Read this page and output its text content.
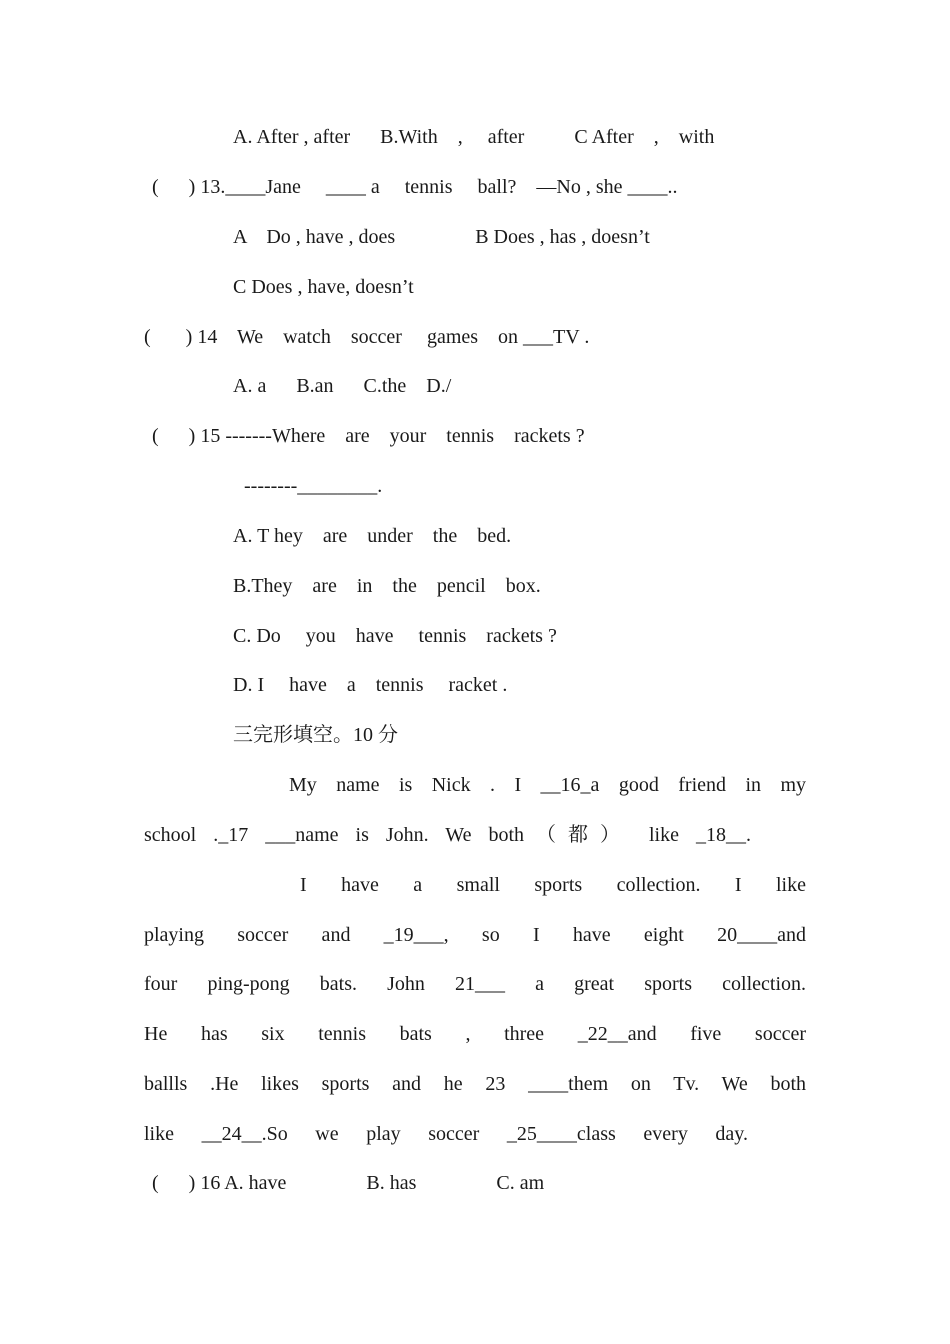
A. After , after      B.With    ,     after          C After    ,    with
(      ) 13.____Jane     ____ a     tennis     ball?    —No , she ____..
A    Do , have , does                B Does , has , doesn’t
C Does , have, doesn’t
(       ) 14    We    watch    soccer     games    on ___TV .
A. a      B.an      C.the    D./
(      ) 15 -------Where    are    your    tennis    rackets ?
--------________.
A. T hey    are    under    the    bed.
B.They    are    in    the    pencil    box.
C. Do     you    have     tennis    rackets ?
D. I     have    a    tennis     racket .
三完形填空。10 分
My name is Nick . I __16_a good friend in my
school ._17 ___name is John. We both（都） like _18__.
I have a small sports collection. I like
playing soccer and _19___, so I have eight 20____and
four ping-pong bats. John 21___ a great sports collection.
He has six tennis bats , three _22__and five soccer
ballls .He likes sports and he 23 ____them on Tv. We both
like __24__.So we play soccer _25____class every day.
(      ) 16 A. have                B. has                C. am
